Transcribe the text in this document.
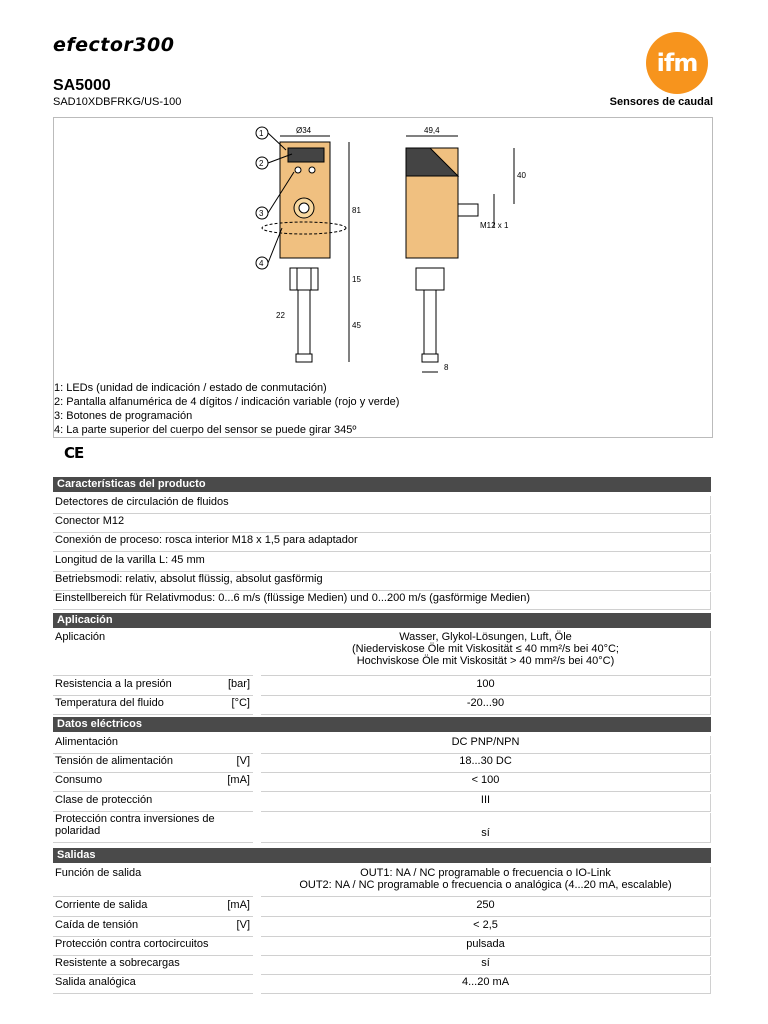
efector300
ifm
SA5000
SAD10XDBFRKG/US-100	Sensores de caudal
1
2
3
4
Ø34	49,4
81
40
15
45
8
M12 x 1
22
1: LEDs (unidad de indicación / estado de conmutación)
2: Pantalla alfanumérica de 4 dígitos / indicación variable (rojo y verde)
3: Botones de programación
4: La parte superior del cuerpo del sensor se puede girar 345º
CE
Características del producto
Detectores de circulación de fluidos
Conector M12
Conexión de proceso: rosca interior M18 x 1,5 para adaptador
Longitud de la varilla L: 45 mm
Betriebsmodi: relativ, absolut flüssig, absolut gasförmig
Einstellbereich für Relativmodus: 0...6 m/s (flüssige Medien) und 0...200 m/s (gasförmige Medien)
Aplicación
Aplicación	Wasser, Glykol-Lösungen, Luft, Öle
(Niederviskose Öle mit Viskosität ≤ 40 mm²/s bei 40°C;
Hochviskose Öle mit Viskosität > 40 mm²/s bei 40°C)
Resistencia a la presión	[bar]	100
Temperatura del fluido	[°C]	-20...90
Datos eléctricos
Alimentación	DC PNP/NPN
Tensión de alimentación	[V]	18...30 DC
Consumo	[mA]	< 100
Clase de protección	III
Protección contra inversiones de
polaridad	sí
Salidas
Función de salida	OUT1: NA / NC programable o frecuencia o IO-Link
OUT2: NA / NC programable o frecuencia o analógica (4...20 mA, escalable)
Corriente de salida	[mA]	250
Caída de tensión	[V]	< 2,5
Protección contra cortocircuitos	pulsada
Resistente a sobrecargas	sí
Salida analógica	4...20 mA
